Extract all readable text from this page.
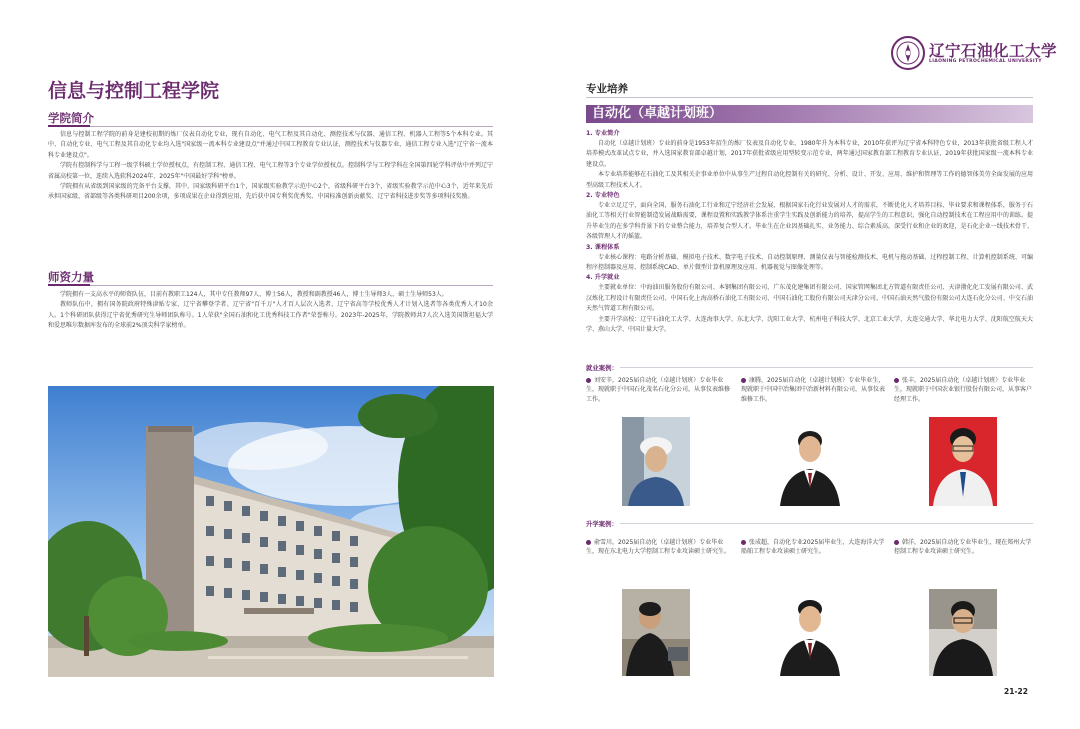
信息与控制工程学院
学院简介

信息与控制工程学院的前身是建校初期的炼厂仪表自动化专业，现有自动化、电气工程及其自动化、测控技术与仪器、通信工程、机器人工程等5个本科专业。其中，自动化专业、电气工程及其自动化专业均入选"国家级一流本科专业建设点"并通过中国工程教育专业认证，测控技术与仪器专业、通信工程专业入选"辽宁省一流本科专业建设点"。

学院有控制科学与工程一级学科硕士学位授权点，有控制工程、通信工程、电气工程等3个专业学位授权点。控制科学与工程学科在全国第四轮学科评估中并列辽宁省属高校第一位，连续入选软科2024年、2025年"中国最好学科"榜单。

学院拥有从省级到国家级的完备平台支撑，其中，国家级科研平台1个，国家级实验教学示范中心2个，省级科研平台3个，省级实验教学示范中心3个，近年来先后承担国家级、省部级等各类科研项目200余项，多项成果在企业得到应用，先后获中国专利奖优秀奖、中国标准创新贡献奖、辽宁省科技进步奖等多项科技奖励。

师资力量

学院拥有一支高水平的师资队伍，目前有教职工124人，其中专任教师97人，博士56人，教授和副教授46人，博士生导师3人，硕士生导师53人。

教师队伍中，拥有国务院政府特殊津贴专家、辽宁省攀登学者、辽宁省"百千万"人才百人层次入选者、辽宁省高等学校优秀人才计划入选者等各类优秀人才10余人。1个科研团队获得辽宁省优秀研究生导师团队称号。1人荣获"全国石油和化工优秀科技工作者"荣誉称号。2023年-2025年，学院教师共7人次入选美国斯坦福大学和爱思唯尔数据库发布的全球前2%顶尖科学家榜单。

辽宁石油化工大学
LIAONING PETROCHEMICAL UNIVERSITY
专业培养
自动化（卓越计划班）

1. 专业简介

自动化（卓越计划班）专业的前身是1953年招生的炼厂仪表及自动化专业，1980年升为本科专业，2010年获评为辽宁省本科特色专业，2013年获批省级工程人才培养模式改革试点专业，并入选国家教育部卓越计划，2017年获批省级应用型转变示范专业，两年通过国家教育部工程教育专业认证，2019年获批国家级一流本科专业建设点。

本专业培养能够在石油化工及其相关企事业单位中从事生产过程自动化控制有关的研究、分析、设计、开发、应用、维护和管理等工作的德智体美劳全面发展的应用型高级工程技术人才。

2. 专业特色

专业立足辽宁，面向全国，服务石油化工行业和辽宁经济社会发展，根据国家石化行业发展对人才的需求，不断优化人才培养目标、毕业要求和课程体系，服务于石油化工等相关行业智能制造发展战略需要，课程设置和实践教学体系注重学生实践及创新能力的培养，提高学生的工程意识，强化自动控制技术在工程应用中的训练。提升毕业生的在多学科背景下的专业整合能力，培养复合型人才。毕业生在企业因基础扎实、业务能力、综合素质高，深受行业和企业的欢迎，是石化企业一线技术骨干、各级管理人才的摇篮。

3. 课程体系

专业核心课程：电路分析基础、模拟电子技术、数字电子技术、自动控制原理、测量仪表与智能检测技术、电机与拖动基础、过程控制工程、计算机控制系统、可编程序控制器及应用、控制系统CAD、单片微型计算机原理及应用、机器视觉与图像处理等。

4. 升学就业

主要就业单位：中海油田服务股份有限公司、本钢集团有限公司、广东茂化建集团有限公司、国家管网集团北方管道有限责任公司、天津渤化化工发展有限公司、武汉炼化工程设计有限责任公司、中国石化上海高桥石油化工有限公司、中国石油化工股份有限公司天津分公司、中国石油天然气股份有限公司大连石化分公司、中交石油天然气管道工程有限公司。

主要升学高校：辽宁石油化工大学、大连海事大学、东北大学、沈阳工业大学、杭州电子科技大学、北京工业大学、大连交通大学、华北电力大学、沈阳航空航天大学、燕山大学、中国计量大学。

就业案例：
刘安辛，2025届自动化（卓越计划班）专业毕业生，现就职于中国石化茂名石化分公司，从事仪表维修工作。
康腾，2025届自动化（卓越计划班）专业毕业生，现就职于中国中冶集团中冶新材料有限公司，从事仪表维修工作。
张丰，2025届自动化（卓越计划班）专业毕业生，现就职于中国农业银行股份有限公司，从事客户经理工作。
升学案例：
俞雪川，2025届自动化（卓越计划班）专业毕业生，现在东北电力大学控制工程专业攻读硕士研究生。
张成超，自动化专业2025届毕业生，大连海洋大学船舶工程专业攻读硕士研究生。
韩洋，2025届自动化专业毕业生，现在郑州大学控制工程专业攻读硕士研究生。
21-22
